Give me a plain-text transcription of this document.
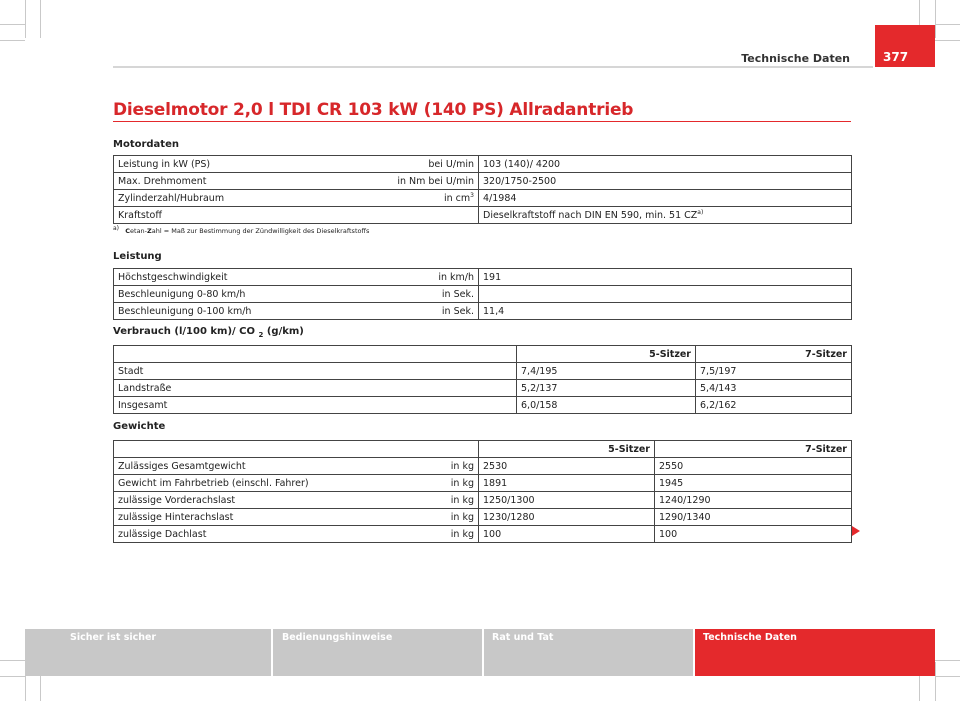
Technische Daten	377
Dieselmotor 2,0 l TDI CR 103 kW (140 PS) Allradantrieb
Motordaten
Leistung in kW (PS)	bei U/min	103 (140)/ 4200
Max. Drehmoment	in Nm bei U/min	320/1750-2500
Zylinderzahl/Hubraum	in $cm^3$	4/1984
Kraftstoff		Dieselkraftstoff nach DIN EN 590, min. 51 CZ$^{a)}$
$^{a)}$ Cetan-Zahl = Maß zur Bestimmung der Zündwilligkeit des Dieselkraftstoffs
Leistung
Höchstgeschwindigkeit	in km/h	191
Beschleunigung 0-80 km/h	in Sek.	
Beschleunigung 0-100 km/h	in Sek.	11,4
Verbrauch (l/100 km)/ CO $_2$ (g/km)
	5-Sitzer	7-Sitzer
Stadt	7,4/195	7,5/197
Landstraße	5,2/137	5,4/143
Insgesamt	6,0/158	6,2/162
Gewichte
		5-Sitzer	7-Sitzer
Zulässiges Gesamtgewicht	in kg	2530	2550
Gewicht im Fahrbetrieb (einschl. Fahrer)	in kg	1891	1945
zulässige Vorderachslast	in kg	1250/1300	1240/1290
zulässige Hinterachslast	in kg	1230/1280	1290/1340
zulässige Dachlast	in kg	100	100
Sicher ist sicher	Bedienungshinweise	Rat und Tat	Technische Daten
